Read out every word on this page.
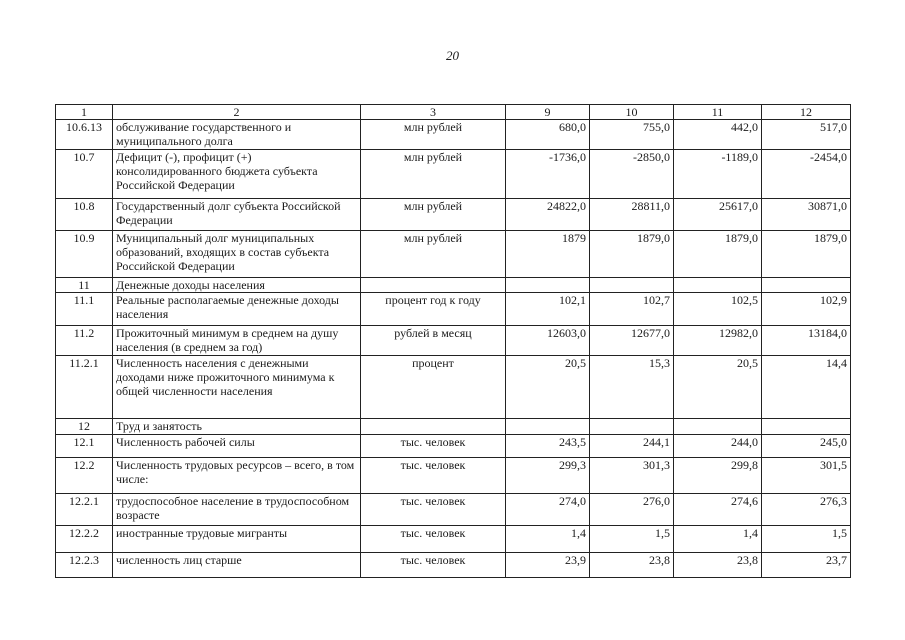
20
1	2	3	9	10	11	12
10.6.13	обслуживание государственного и муниципального долга	млн рублей	680,0	755,0	442,0	517,0
10.7	Дефицит (-), профицит (+) консолидированного бюджета субъекта Российской Федерации	млн рублей	-1736,0	-2850,0	-1189,0	-2454,0
10.8	Государственный долг субъекта Российской Федерации	млн рублей	24822,0	28811,0	25617,0	30871,0
10.9	Муниципальный долг муниципальных образований, входящих в состав субъекта Российской Федерации	млн рублей	1879	1879,0	1879,0	1879,0
11	Денежные доходы населения					
11.1	Реальные располагаемые денежные доходы населения	процент год к году	102,1	102,7	102,5	102,9
11.2	Прожиточный минимум в среднем на душу населения (в среднем за год)	рублей в месяц	12603,0	12677,0	12982,0	13184,0
11.2.1	Численность населения с денежными доходами ниже прожиточного минимума к общей численности населения	процент	20,5	15,3	20,5	14,4
12	Труд и занятость					
12.1	Численность рабочей силы	тыс. человек	243,5	244,1	244,0	245,0
12.2	Численность трудовых ресурсов – всего, в том числе:	тыс. человек	299,3	301,3	299,8	301,5
12.2.1	трудоспособное население в трудоспособном возрасте	тыс. человек	274,0	276,0	274,6	276,3
12.2.2	иностранные трудовые мигранты	тыс. человек	1,4	1,5	1,4	1,5
12.2.3	численность лиц старше	тыс. человек	23,9	23,8	23,8	23,7
